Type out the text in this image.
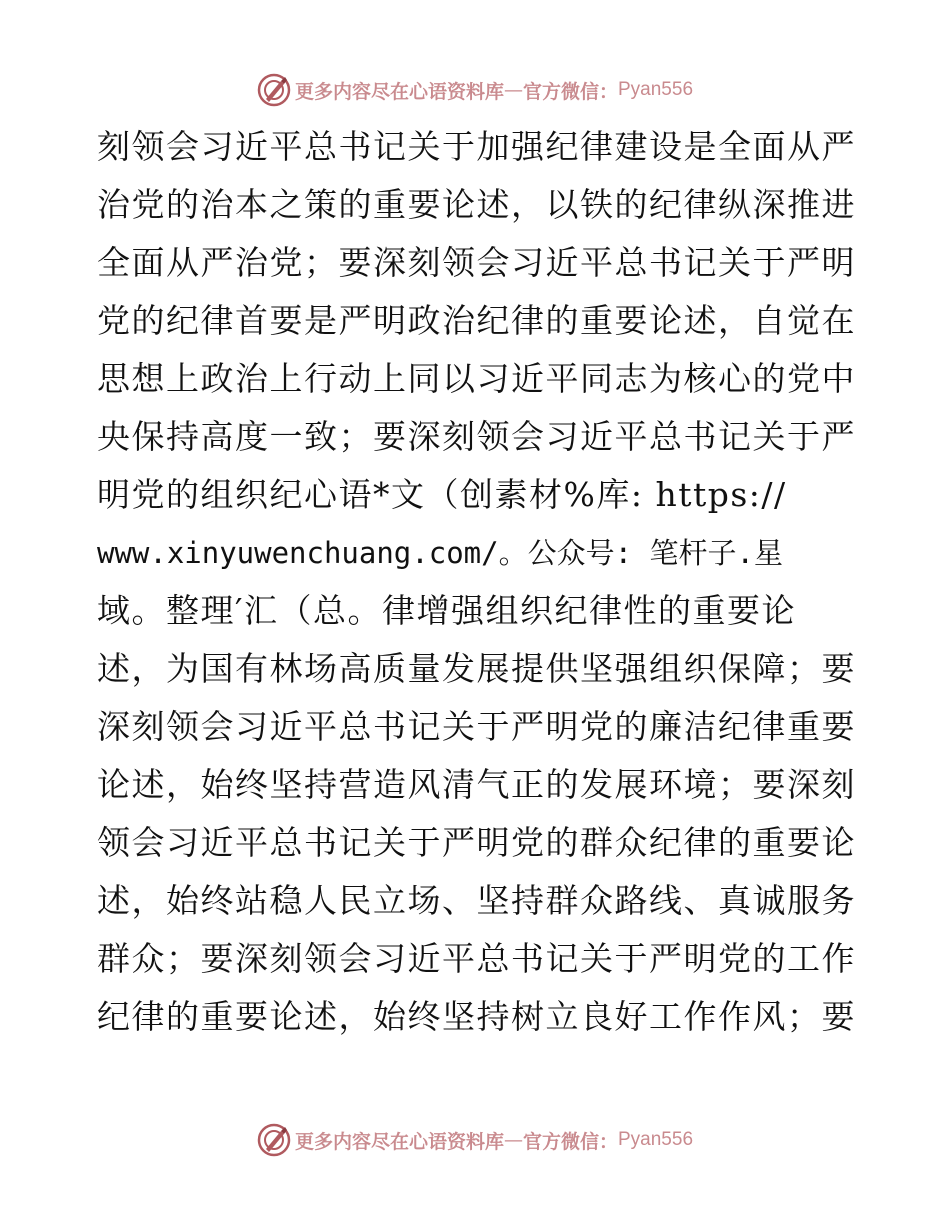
更多内容尽在心语资料库 — 官方微信： Pyan556
刻领会习近平总书记关于加强纪律建设是全面从严
治党的治本之策的重要论述，以铁的纪律纵深推进
全面从严治党；要深刻领会习近平总书记关于严明
党的纪律首要是严明政治纪律的重要论述，自觉在
思想上政治上行动上同以习近平同志为核心的党中
央保持高度一致；要深刻领会习近平总书记关于严
明党的组织纪心语*文（创素材%库: https://
www.xinyuwenchuang.com/。公众号: 笔杆子.星
域。整理′汇（总。律增强组织纪律性的重要论
述，为国有林场高质量发展提供坚强组织保障；要
深刻领会习近平总书记关于严明党的廉洁纪律重要
论述，始终坚持营造风清气正的发展环境；要深刻
领会习近平总书记关于严明党的群众纪律的重要论
述，始终站稳人民立场、坚持群众路线、真诚服务
群众；要深刻领会习近平总书记关于严明党的工作
纪律的重要论述，始终坚持树立良好工作作风；要
更多内容尽在心语资料库 — 官方微信： Pyan556
